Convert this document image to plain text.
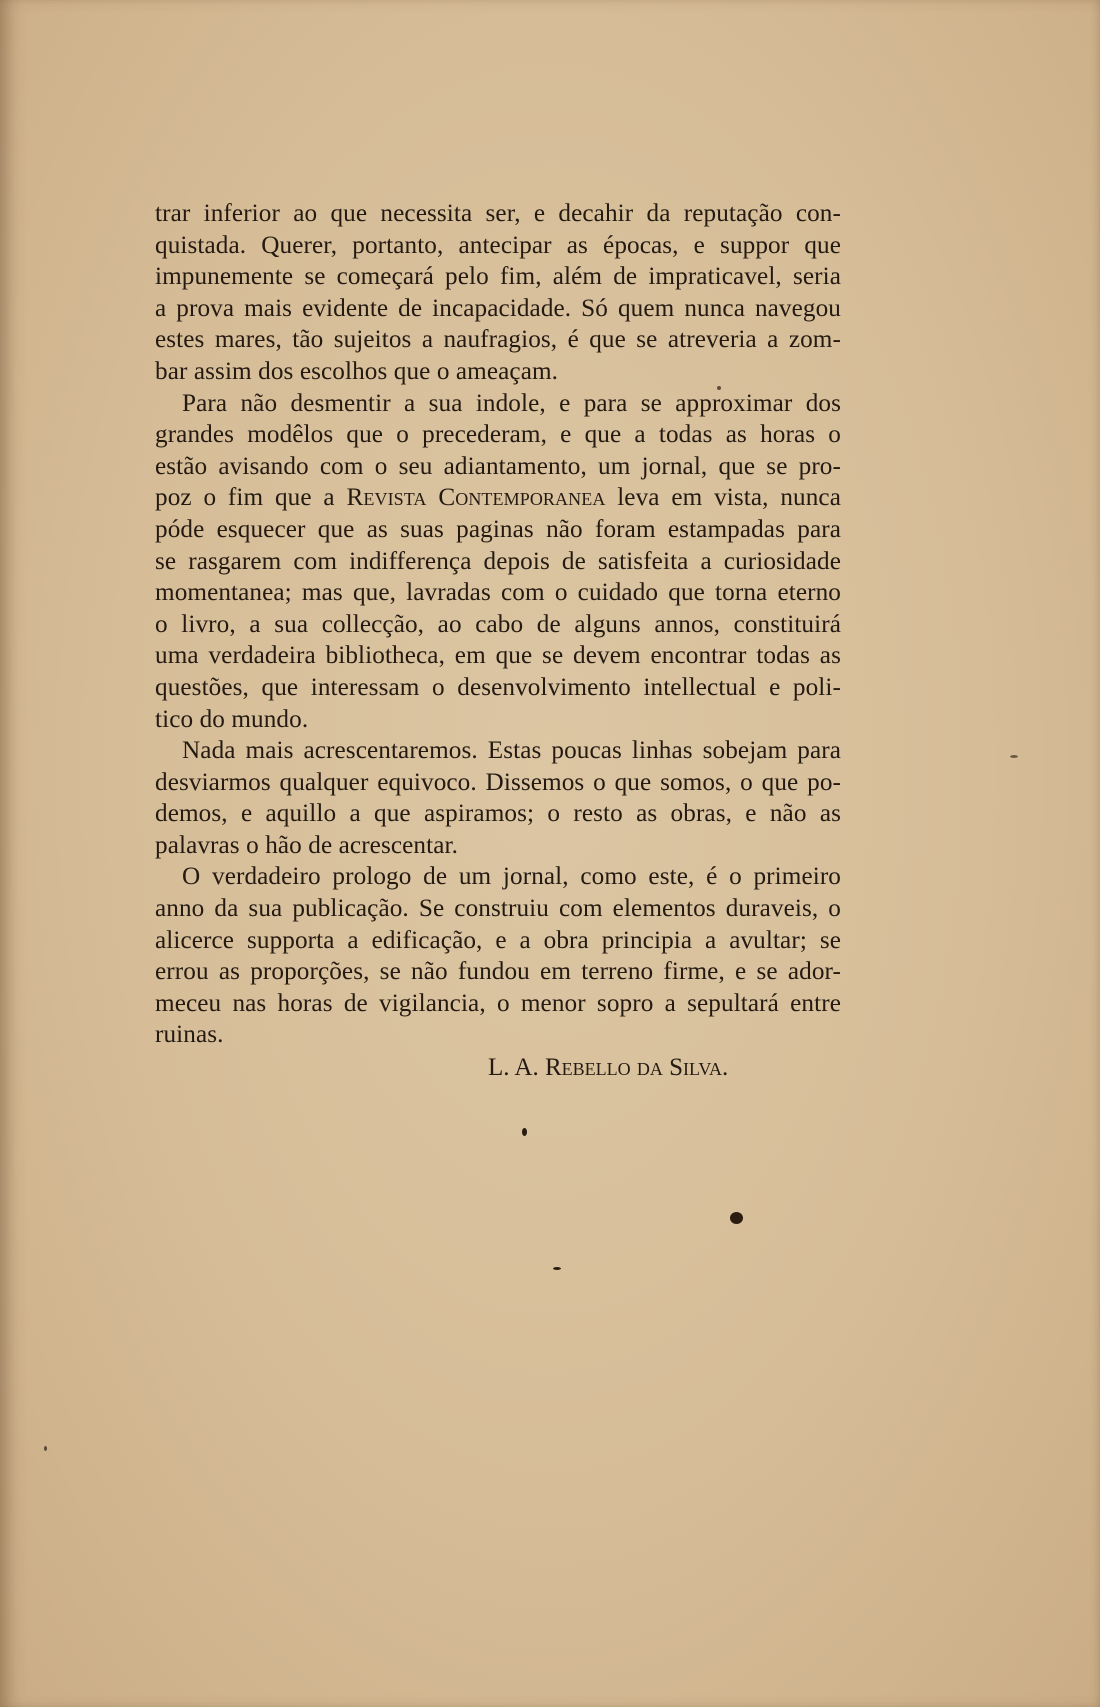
trar inferior ao que necessita ser, e decahir da reputação con-
quistada. Querer, portanto, antecipar as épocas, e suppor que
impunemente se começará pelo fim, além de impraticavel, seria
a prova mais evidente de incapacidade. Só quem nunca navegou
estes mares, tão sujeitos a naufragios, é que se atreveria a zom-
bar assim dos escolhos que o ameaçam.
Para não desmentir a sua indole, e para se approximar dos
grandes modêlos que o precederam, e que a todas as horas o
estão avisando com o seu adiantamento, um jornal, que se pro-
poz o fim que a Revista Contemporanea leva em vista, nunca
póde esquecer que as suas paginas não foram estampadas para
se rasgarem com indifferença depois de satisfeita a curiosidade
momentanea; mas que, lavradas com o cuidado que torna eterno
o livro, a sua collecção, ao cabo de alguns annos, constituirá
uma verdadeira bibliotheca, em que se devem encontrar todas as
questões, que interessam o desenvolvimento intellectual e poli-
tico do mundo.
Nada mais acrescentaremos. Estas poucas linhas sobejam para
desviarmos qualquer equivoco. Dissemos o que somos, o que po-
demos, e aquillo a que aspiramos; o resto as obras, e não as
palavras o hão de acrescentar.
O verdadeiro prologo de um jornal, como este, é o primeiro
anno da sua publicação. Se construiu com elementos duraveis, o
alicerce supporta a edificação, e a obra principia a avultar; se
errou as proporções, se não fundou em terreno firme, e se ador-
meceu nas horas de vigilancia, o menor sopro a sepultará entre
ruinas.
L. A. Rebello da Silva.
